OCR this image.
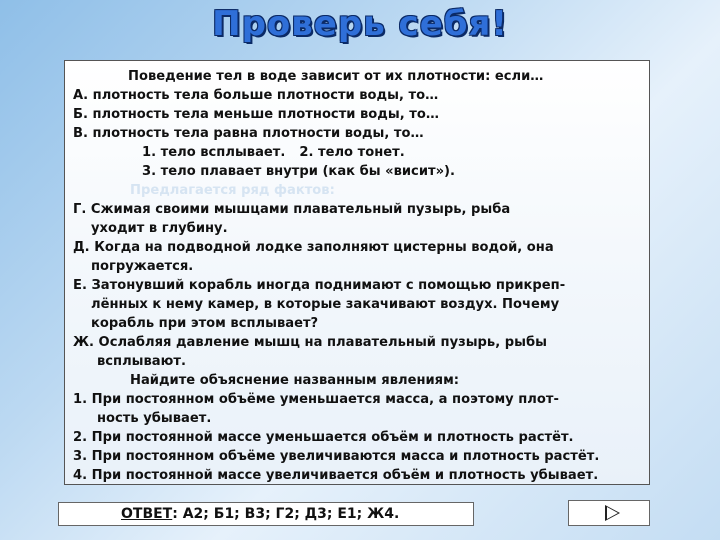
Проверь себя!
Поведение тел в воде зависит от их плотности: если…
А. плотность тела больше плотности воды, то…
Б. плотность тела меньше плотности воды, то…
В. плотность тела равна плотности воды, то…
1. тело всплывает. 2. тело тонет.
3. тело плавает внутри (как бы «висит»).
Предлагается ряд фактов:
Г. Сжимая своими мышцами плавательный пузырь, рыба
уходит в глубину.
Д. Когда на подводной лодке заполняют цистерны водой, она
погружается.
Е. Затонувший корабль иногда поднимают с помощью прикреп-
лённых к нему камер, в которые закачивают воздух. Почему
корабль при этом всплывает?
Ж. Ослабляя давление мышц на плавательный пузырь, рыбы
всплывают.
Найдите объяснение названным явлениям:
1. При постоянном объёме уменьшается масса, а поэтому плот-
ность убывает.
2. При постоянной массе уменьшается объём и плотность растёт.
3. При постоянном объёме увеличиваются масса и плотность растёт.
4. При постоянной массе увеличивается объём и плотность убывает.
ОТВЕТ: А2; Б1; В3; Г2; Д3; Е1; Ж4.
